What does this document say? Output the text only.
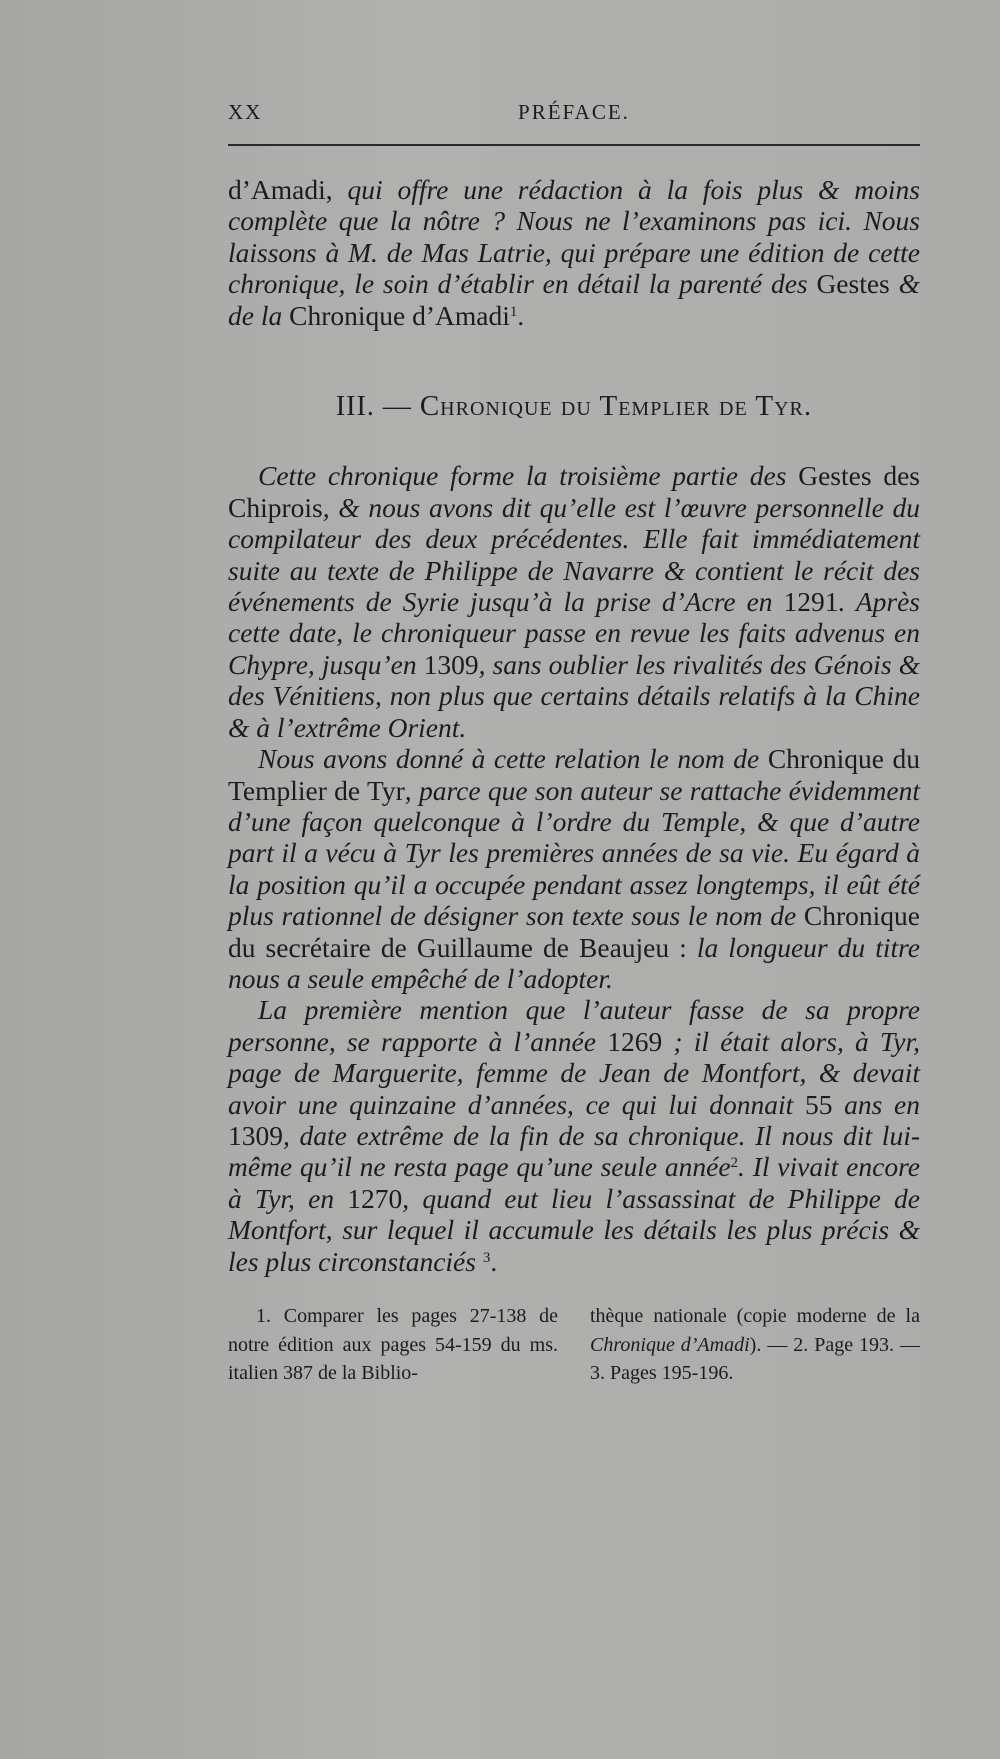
XX	PRÉFACE.

d’Amadi, qui offre une rédaction à la fois plus & moins complète que la nôtre ? Nous ne l’examinons pas ici. Nous laissons à M. de Mas Latrie, qui prépare une édition de cette chronique, le soin d’établir en détail la parenté des Gestes & de la Chronique d’Amadi$^1$.

III. — Chronique du Templier de Tyr.

Cette chronique forme la troisième partie des Gestes des Chiprois, & nous avons dit qu’elle est l’œuvre personnelle du compilateur des deux précédentes. Elle fait immédiatement suite au texte de Philippe de Navarre & contient le récit des événements de Syrie jusqu’à la prise d’Acre en 1291. Après cette date, le chroniqueur passe en revue les faits advenus en Chypre, jusqu’en 1309, sans oublier les rivalités des Génois & des Vénitiens, non plus que certains détails relatifs à la Chine & à l’extrême Orient.

Nous avons donné à cette relation le nom de Chronique du Templier de Tyr, parce que son auteur se rattache évidemment d’une façon quelconque à l’ordre du Temple, & que d’autre part il a vécu à Tyr les premières années de sa vie. Eu égard à la position qu’il a occupée pendant assez longtemps, il eût été plus rationnel de désigner son texte sous le nom de Chronique du secrétaire de Guillaume de Beaujeu : la longueur du titre nous a seule empêché de l’adopter.

La première mention que l’auteur fasse de sa propre personne, se rapporte à l’année 1269 ; il était alors, à Tyr, page de Marguerite, femme de Jean de Montfort, & devait avoir une quinzaine d’années, ce qui lui donnait 55 ans en 1309, date extrême de la fin de sa chronique. Il nous dit lui-même qu’il ne resta page qu’une seule année$^2$. Il vivait encore à Tyr, en 1270, quand eut lieu l’assassinat de Philippe de Montfort, sur lequel il accumule les détails les plus précis & les plus circonstanciés $^3$.

1. Comparer les pages 27-138 de notre édition aux pages 54-159 du ms. italien 387 de la Biblio-
thèque nationale (copie moderne de la Chronique d’Amadi). — 2. Page 193. — 3. Pages 195-196.
